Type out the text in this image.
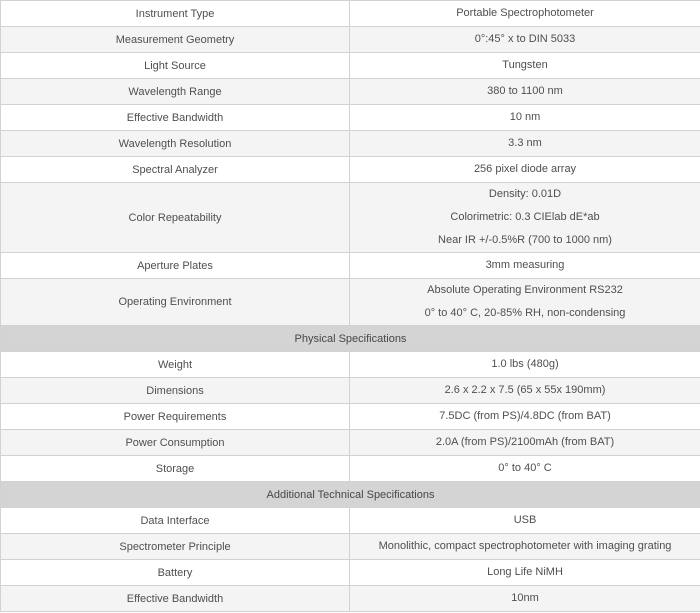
Instrument Type	Portable Spectrophotometer

Measurement Geometry	0°:45° x to DIN 5033

Light Source	Tungsten

Wavelength Range	380 to 1100 nm

Effective Bandwidth	10 nm

Wavelength Resolution	3.3 nm

Spectral Analyzer	256 pixel diode array

Color Repeatability	Density: 0.01D
Colorimetric: 0.3 CIElab dE*ab
Near IR +/-0.5%R (700 to 1000 nm)

Aperture Plates	3mm measuring

Operating Environment	Absolute Operating Environment RS232
0° to 40° C, 20-85% RH, non-condensing

Physical Specifications	
Weight	1.0 lbs (480g)

Dimensions	2.6 x 2.2 x 7.5 (65 x 55x 190mm)

Power Requirements	7.5DC (from PS)/4.8DC (from BAT)

Power Consumption	2.0A (from PS)/2100mAh (from BAT)

Storage	0° to 40° C

Additional Technical Specifications	
Data Interface	USB

Spectrometer Principle	Monolithic, compact spectrophotometer with imaging grating

Battery	Long Life NiMH

Effective Bandwidth	10nm
